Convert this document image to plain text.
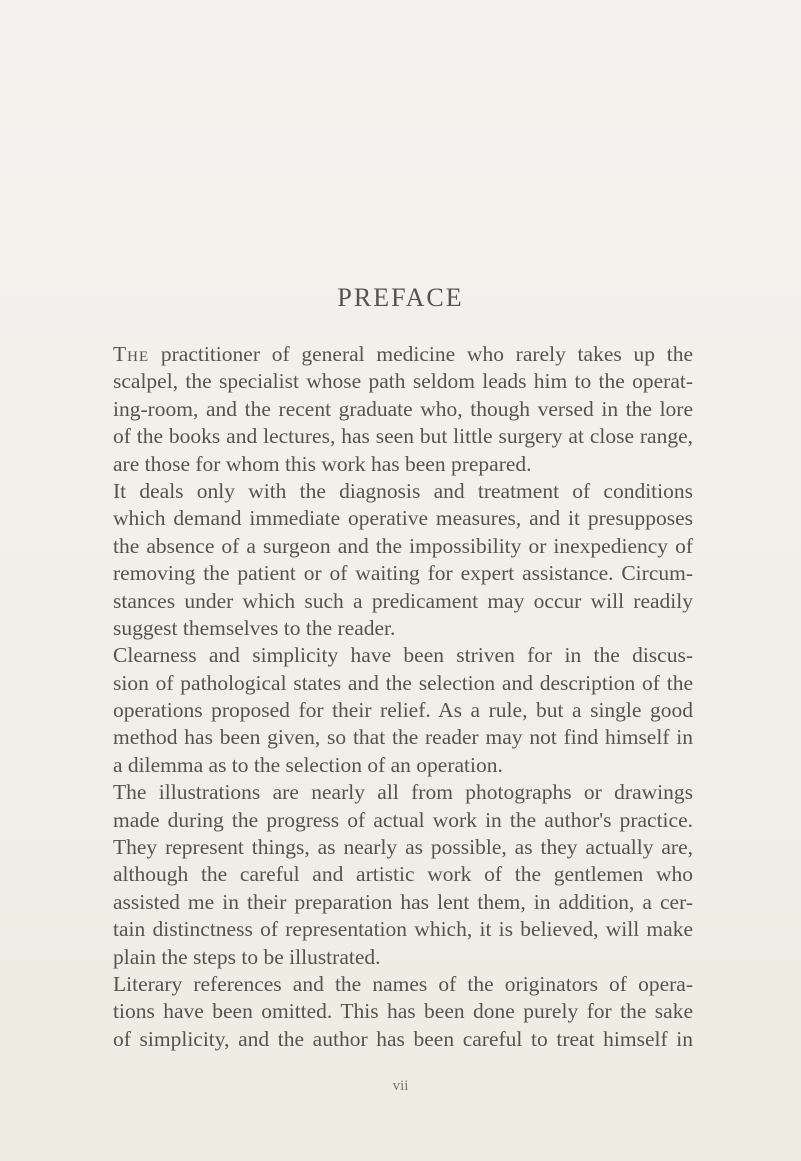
PREFACE
The practitioner of general medicine who rarely takes up the
scalpel, the specialist whose path seldom leads him to the operat-
ing-room, and the recent graduate who, though versed in the lore
of the books and lectures, has seen but little surgery at close range,
are those for whom this work has been prepared.
It deals only with the diagnosis and treatment of conditions
which demand immediate operative measures, and it presupposes
the absence of a surgeon and the impossibility or inexpediency of
removing the patient or of waiting for expert assistance. Circum-
stances under which such a predicament may occur will readily
suggest themselves to the reader.
Clearness and simplicity have been striven for in the discus-
sion of pathological states and the selection and description of the
operations proposed for their relief. As a rule, but a single good
method has been given, so that the reader may not find himself in
a dilemma as to the selection of an operation.
The illustrations are nearly all from photographs or drawings
made during the progress of actual work in the author's practice.
They represent things, as nearly as possible, as they actually are,
although the careful and artistic work of the gentlemen who
assisted me in their preparation has lent them, in addition, a cer-
tain distinctness of representation which, it is believed, will make
plain the steps to be illustrated.
Literary references and the names of the originators of opera-
tions have been omitted. This has been done purely for the sake
of simplicity, and the author has been careful to treat himself in
vii
